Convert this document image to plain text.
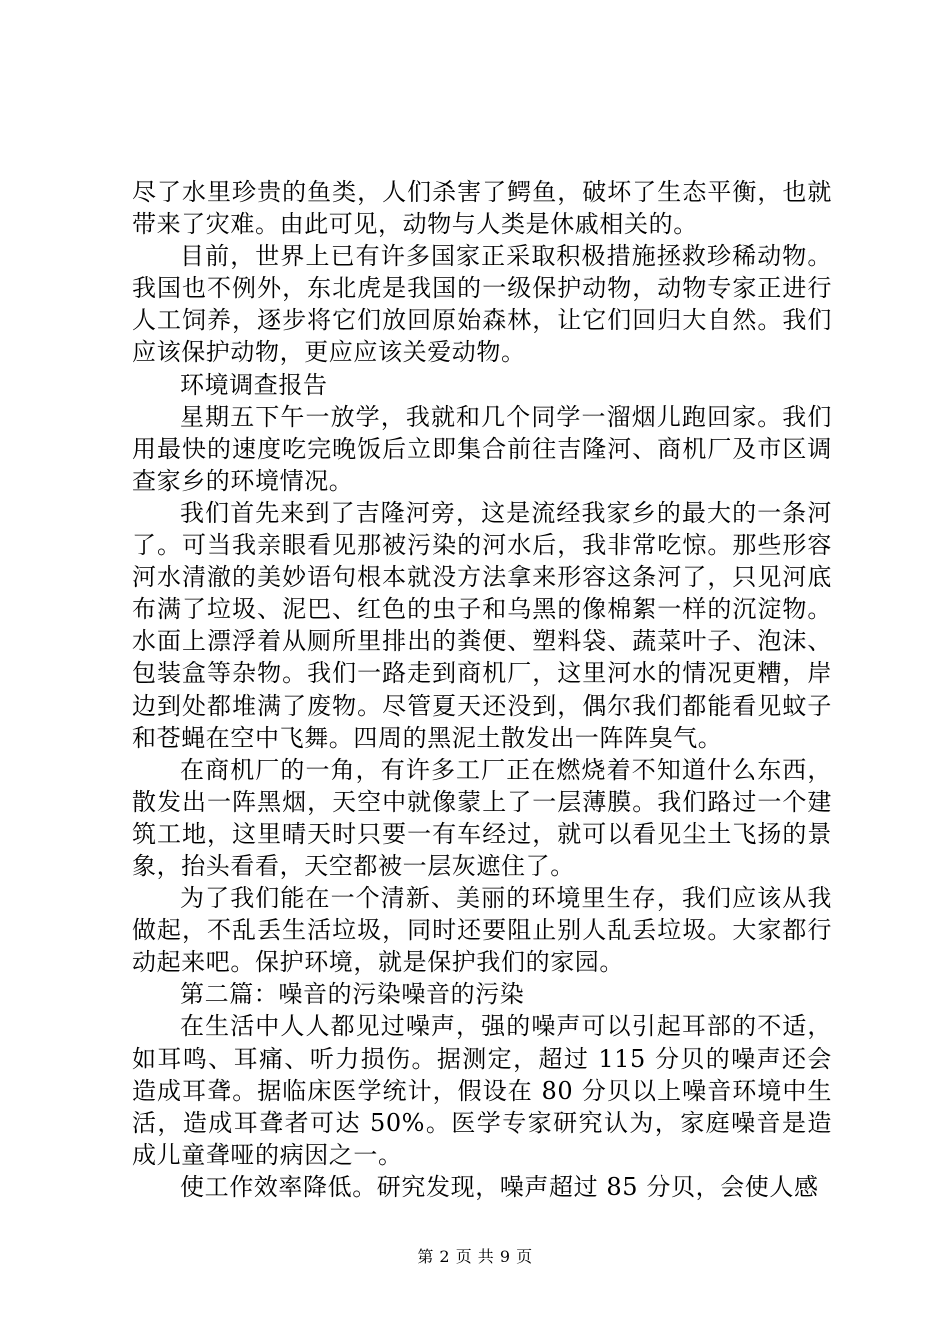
尽了水里珍贵的鱼类，人们杀害了鳄鱼，破坏了生态平衡，也就带来了灾难。由此可见，动物与人类是休戚相关的。

目前，世界上已有许多国家正采取积极措施拯救珍稀动物。我国也不例外，东北虎是我国的一级保护动物，动物专家正进行人工饲养，逐步将它们放回原始森林，让它们回归大自然。我们应该保护动物，更应应该关爱动物。

环境调查报告

星期五下午一放学，我就和几个同学一溜烟儿跑回家。我们用最快的速度吃完晚饭后立即集合前往吉隆河、商机厂及市区调查家乡的环境情况。

我们首先来到了吉隆河旁，这是流经我家乡的最大的一条河了。可当我亲眼看见那被污染的河水后，我非常吃惊。那些形容河水清澈的美妙语句根本就没方法拿来形容这条河了，只见河底布满了垃圾、泥巴、红色的虫子和乌黑的像棉絮一样的沉淀物。水面上漂浮着从厕所里排出的粪便、塑料袋、蔬菜叶子、泡沫、包装盒等杂物。我们一路走到商机厂，这里河水的情况更糟，岸边到处都堆满了废物。尽管夏天还没到，偶尔我们都能看见蚊子和苍蝇在空中飞舞。四周的黑泥土散发出一阵阵臭气。

在商机厂的一角，有许多工厂正在燃烧着不知道什么东西，散发出一阵黑烟，天空中就像蒙上了一层薄膜。我们路过一个建筑工地，这里晴天时只要一有车经过，就可以看见尘土飞扬的景象，抬头看看，天空都被一层灰遮住了。

为了我们能在一个清新、美丽的环境里生存，我们应该从我做起，不乱丢生活垃圾，同时还要阻止别人乱丢垃圾。大家都行动起来吧。保护环境，就是保护我们的家园。

第二篇：噪音的污染噪音的污染

在生活中人人都见过噪声，强的噪声可以引起耳部的不适，如耳鸣、耳痛、听力损伤。据测定，超过 115 分贝的噪声还会造成耳聋。据临床医学统计，假设在 80 分贝以上噪音环境中生活，造成耳聋者可达 50%。医学专家研究认为，家庭噪音是造成儿童聋哑的病因之一。

使工作效率降低。研究发现，噪声超过 85 分贝，会使人感

第 2 页 共 9 页
